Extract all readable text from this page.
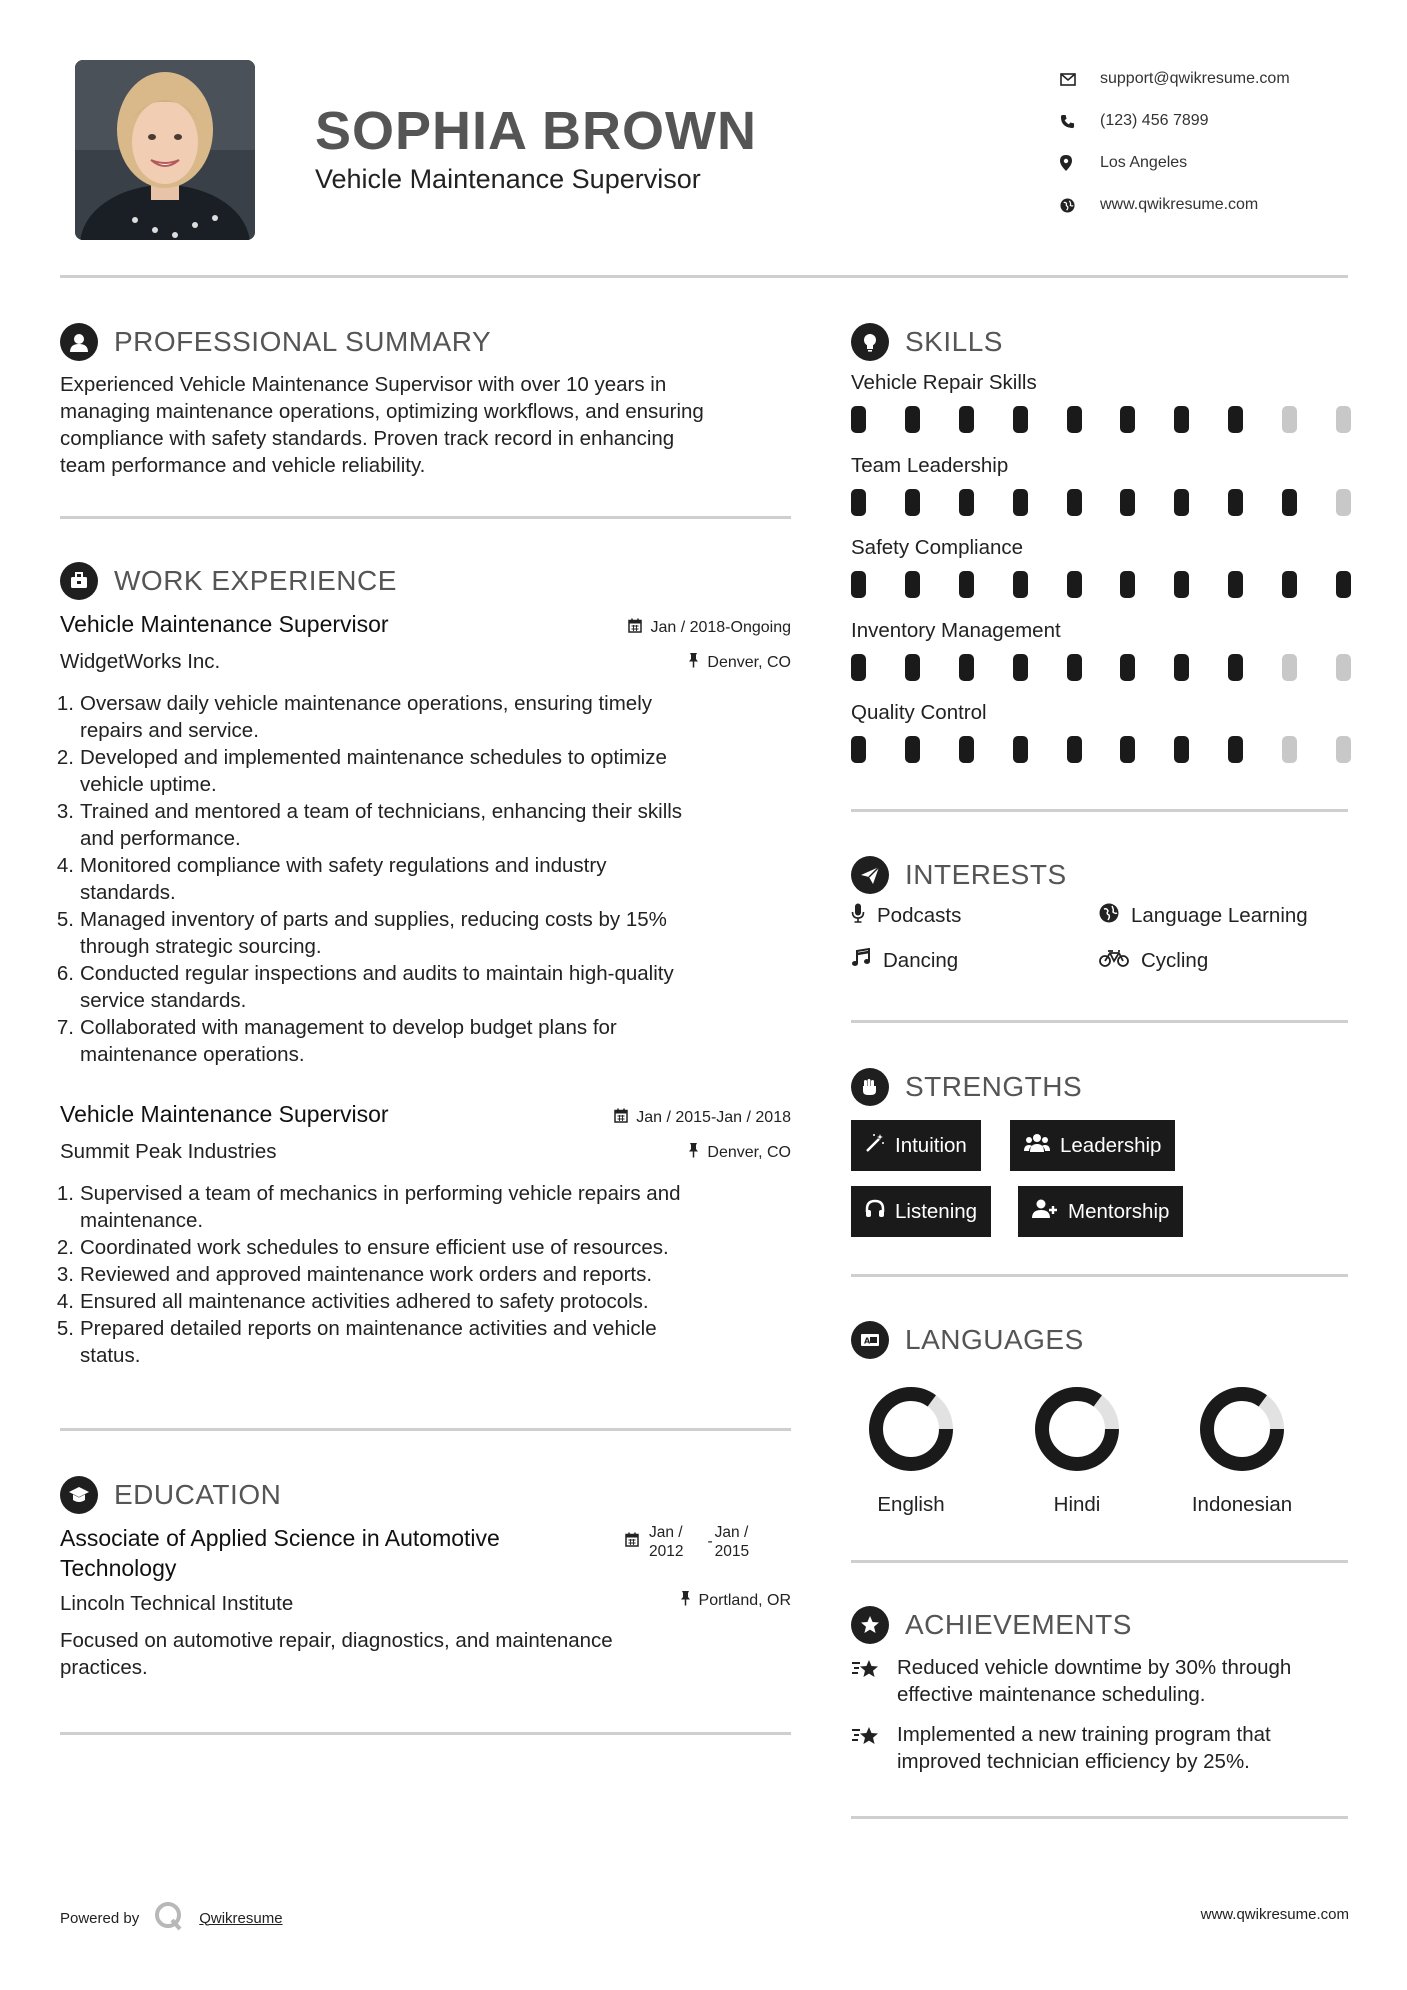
SOPHIA BROWN
Vehicle Maintenance Supervisor
support@qwikresume.com
(123) 456 7899
Los Angeles
www.qwikresume.com
PROFESSIONAL SUMMARY
Experienced Vehicle Maintenance Supervisor with over 10 years in
managing maintenance operations, optimizing workflows, and ensuring
compliance with safety standards. Proven track record in enhancing
team performance and vehicle reliability.
WORK EXPERIENCE
Vehicle Maintenance Supervisor	Jan / 2018-Ongoing
WidgetWorks Inc.	Denver, CO
1. Oversaw daily vehicle maintenance operations, ensuring timely
repairs and service.
2. Developed and implemented maintenance schedules to optimize
vehicle uptime.
3. Trained and mentored a team of technicians, enhancing their skills
and performance.
4. Monitored compliance with safety regulations and industry
standards.
5. Managed inventory of parts and supplies, reducing costs by 15%
through strategic sourcing.
6. Conducted regular inspections and audits to maintain high-quality
service standards.
7. Collaborated with management to develop budget plans for
maintenance operations.
Vehicle Maintenance Supervisor	Jan / 2015-Jan / 2018
Summit Peak Industries	Denver, CO
1. Supervised a team of mechanics in performing vehicle repairs and
maintenance.
2. Coordinated work schedules to ensure efficient use of resources.
3. Reviewed and approved maintenance work orders and reports.
4. Ensured all maintenance activities adhered to safety protocols.
5. Prepared detailed reports on maintenance activities and vehicle
status.
EDUCATION
Associate of Applied Science in Automotive
Technology
Jan /
2012
-
Jan /
2015
Lincoln Technical Institute	Portland, OR
Focused on automotive repair, diagnostics, and maintenance
practices.
SKILLS
Vehicle Repair Skills
Team Leadership
Safety Compliance
Inventory Management
Quality Control
INTERESTS
Podcasts	Language Learning
Dancing	Cycling
STRENGTHS
Intuition	Leadership
Listening	Mentorship
A LANGUAGES
English	Hindi	Indonesian
ACHIEVEMENTS
Reduced vehicle downtime by 30% through
effective maintenance scheduling.
Implemented a new training program that
improved technician efficiency by 25%.
Powered by	Qwikresume	www.qwikresume.com
